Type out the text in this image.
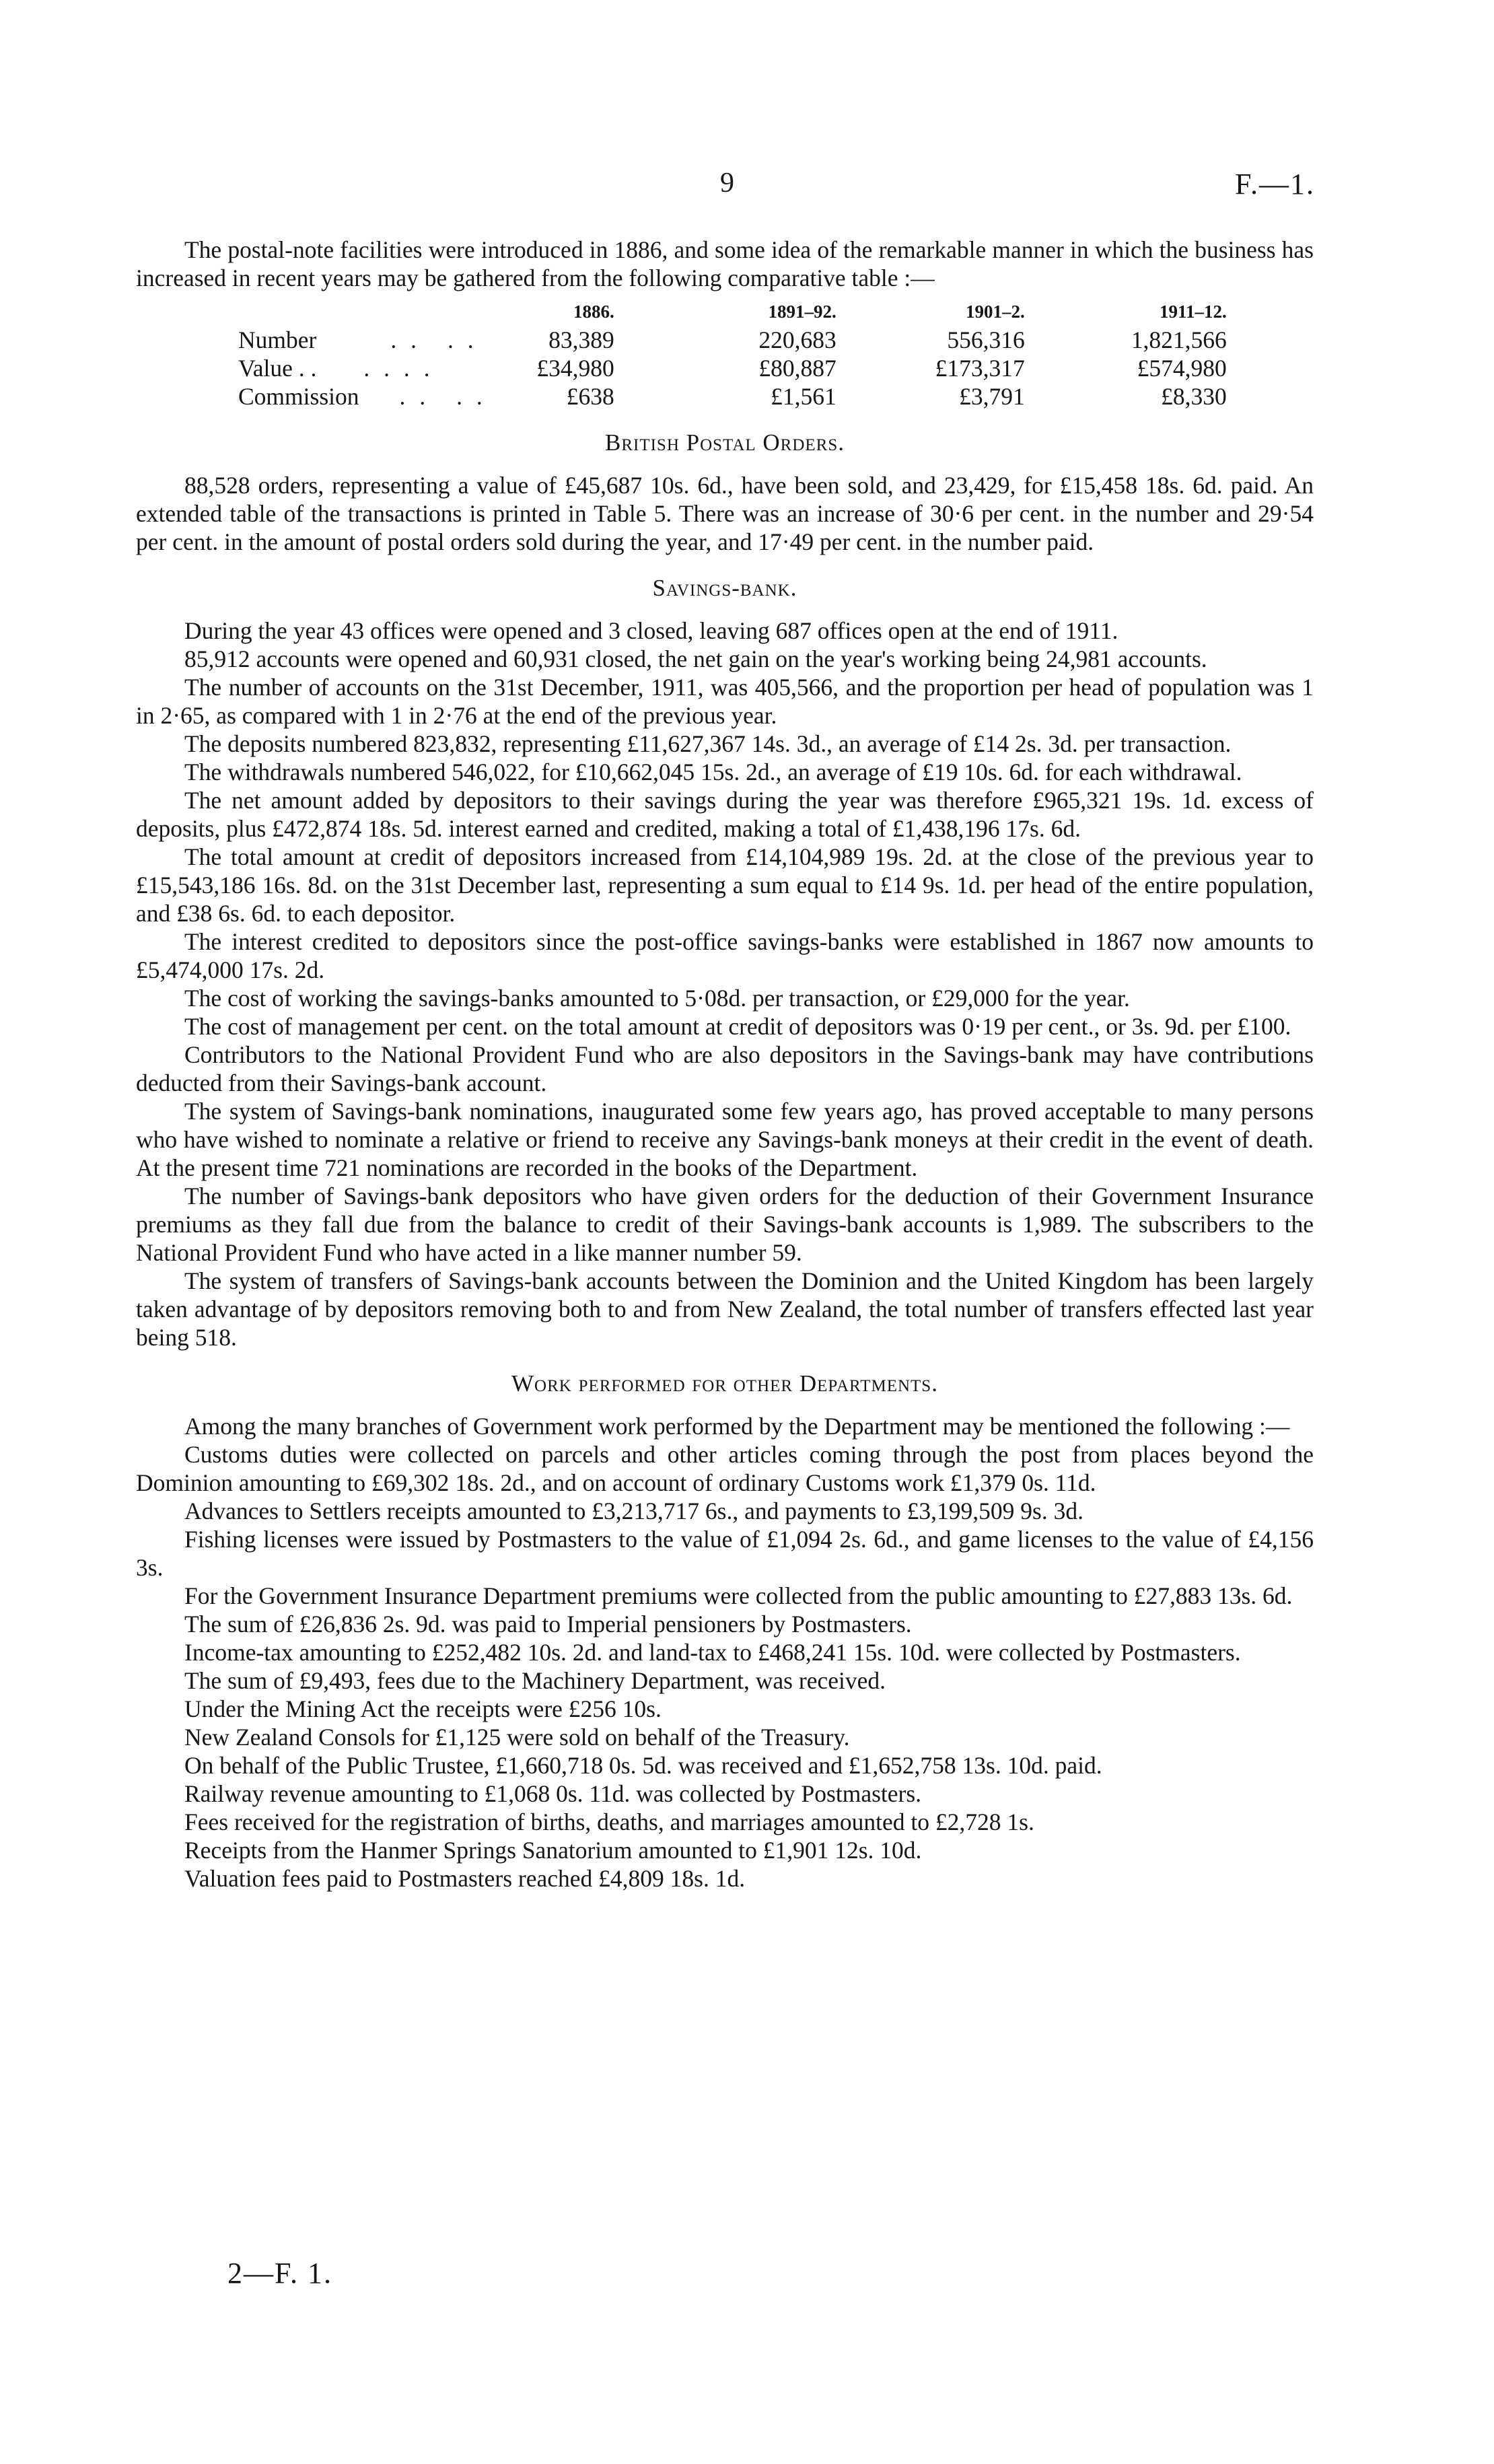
9	F.—1.

The postal-note facilities were introduced in 1886, and some idea of the remarkable manner in which the business has increased in recent years may be gathered from the following comparative table :—

	1886.	1891–92.	1901–2.	1911–12.
Number . . . .	83,389	220,683	556,316	1,821,566
Value . . . . . .	£34,980	£80,887	£173,317	£574,980
Commission . . . .	£638	£1,561	£3,791	£8,330
British Postal Orders.

88,528 orders, representing a value of £45,687 10s. 6d., have been sold, and 23,429, for £15,458 18s. 6d. paid. An extended table of the transactions is printed in Table 5. There was an increase of 30·6 per cent. in the number and 29·54 per cent. in the amount of postal orders sold during the year, and 17·49 per cent. in the number paid.

Savings-bank.

During the year 43 offices were opened and 3 closed, leaving 687 offices open at the end of 1911.

85,912 accounts were opened and 60,931 closed, the net gain on the year's working being 24,981 accounts.

The number of accounts on the 31st December, 1911, was 405,566, and the proportion per head of population was 1 in 2·65, as compared with 1 in 2·76 at the end of the previous year.

The deposits numbered 823,832, representing £11,627,367 14s. 3d., an average of £14 2s. 3d. per transaction.

The withdrawals numbered 546,022, for £10,662,045 15s. 2d., an average of £19 10s. 6d. for each withdrawal.

The net amount added by depositors to their savings during the year was therefore £965,321 19s. 1d. excess of deposits, plus £472,874 18s. 5d. interest earned and credited, making a total of £1,438,196 17s. 6d.

The total amount at credit of depositors increased from £14,104,989 19s. 2d. at the close of the previous year to £15,543,186 16s. 8d. on the 31st December last, representing a sum equal to £14 9s. 1d. per head of the entire population, and £38 6s. 6d. to each depositor.

The interest credited to depositors since the post-office savings-banks were established in 1867 now amounts to £5,474,000 17s. 2d.

The cost of working the savings-banks amounted to 5·08d. per transaction, or £29,000 for the year.

The cost of management per cent. on the total amount at credit of depositors was 0·19 per cent., or 3s. 9d. per £100.

Contributors to the National Provident Fund who are also depositors in the Savings-bank may have contributions deducted from their Savings-bank account.

The system of Savings-bank nominations, inaugurated some few years ago, has proved acceptable to many persons who have wished to nominate a relative or friend to receive any Savings-bank moneys at their credit in the event of death. At the present time 721 nominations are recorded in the books of the Department.

The number of Savings-bank depositors who have given orders for the deduction of their Government Insurance premiums as they fall due from the balance to credit of their Savings-bank accounts is 1,989. The subscribers to the National Provident Fund who have acted in a like manner number 59.

The system of transfers of Savings-bank accounts between the Dominion and the United Kingdom has been largely taken advantage of by depositors removing both to and from New Zealand, the total number of transfers effected last year being 518.

Work performed for other Departments.

Among the many branches of Government work performed by the Department may be mentioned the following :—

Customs duties were collected on parcels and other articles coming through the post from places beyond the Dominion amounting to £69,302 18s. 2d., and on account of ordinary Customs work £1,379 0s. 11d.

Advances to Settlers receipts amounted to £3,213,717 6s., and payments to £3,199,509 9s. 3d.

Fishing licenses were issued by Postmasters to the value of £1,094 2s. 6d., and game licenses to the value of £4,156 3s.

For the Government Insurance Department premiums were collected from the public amounting to £27,883 13s. 6d.

The sum of £26,836 2s. 9d. was paid to Imperial pensioners by Postmasters.

Income-tax amounting to £252,482 10s. 2d. and land-tax to £468,241 15s. 10d. were collected by Postmasters.

The sum of £9,493, fees due to the Machinery Department, was received.

Under the Mining Act the receipts were £256 10s.

New Zealand Consols for £1,125 were sold on behalf of the Treasury.

On behalf of the Public Trustee, £1,660,718 0s. 5d. was received and £1,652,758 13s. 10d. paid.

Railway revenue amounting to £1,068 0s. 11d. was collected by Postmasters.

Fees received for the registration of births, deaths, and marriages amounted to £2,728 1s.

Receipts from the Hanmer Springs Sanatorium amounted to £1,901 12s. 10d.

Valuation fees paid to Postmasters reached £4,809 18s. 1d.

2—F. 1.
